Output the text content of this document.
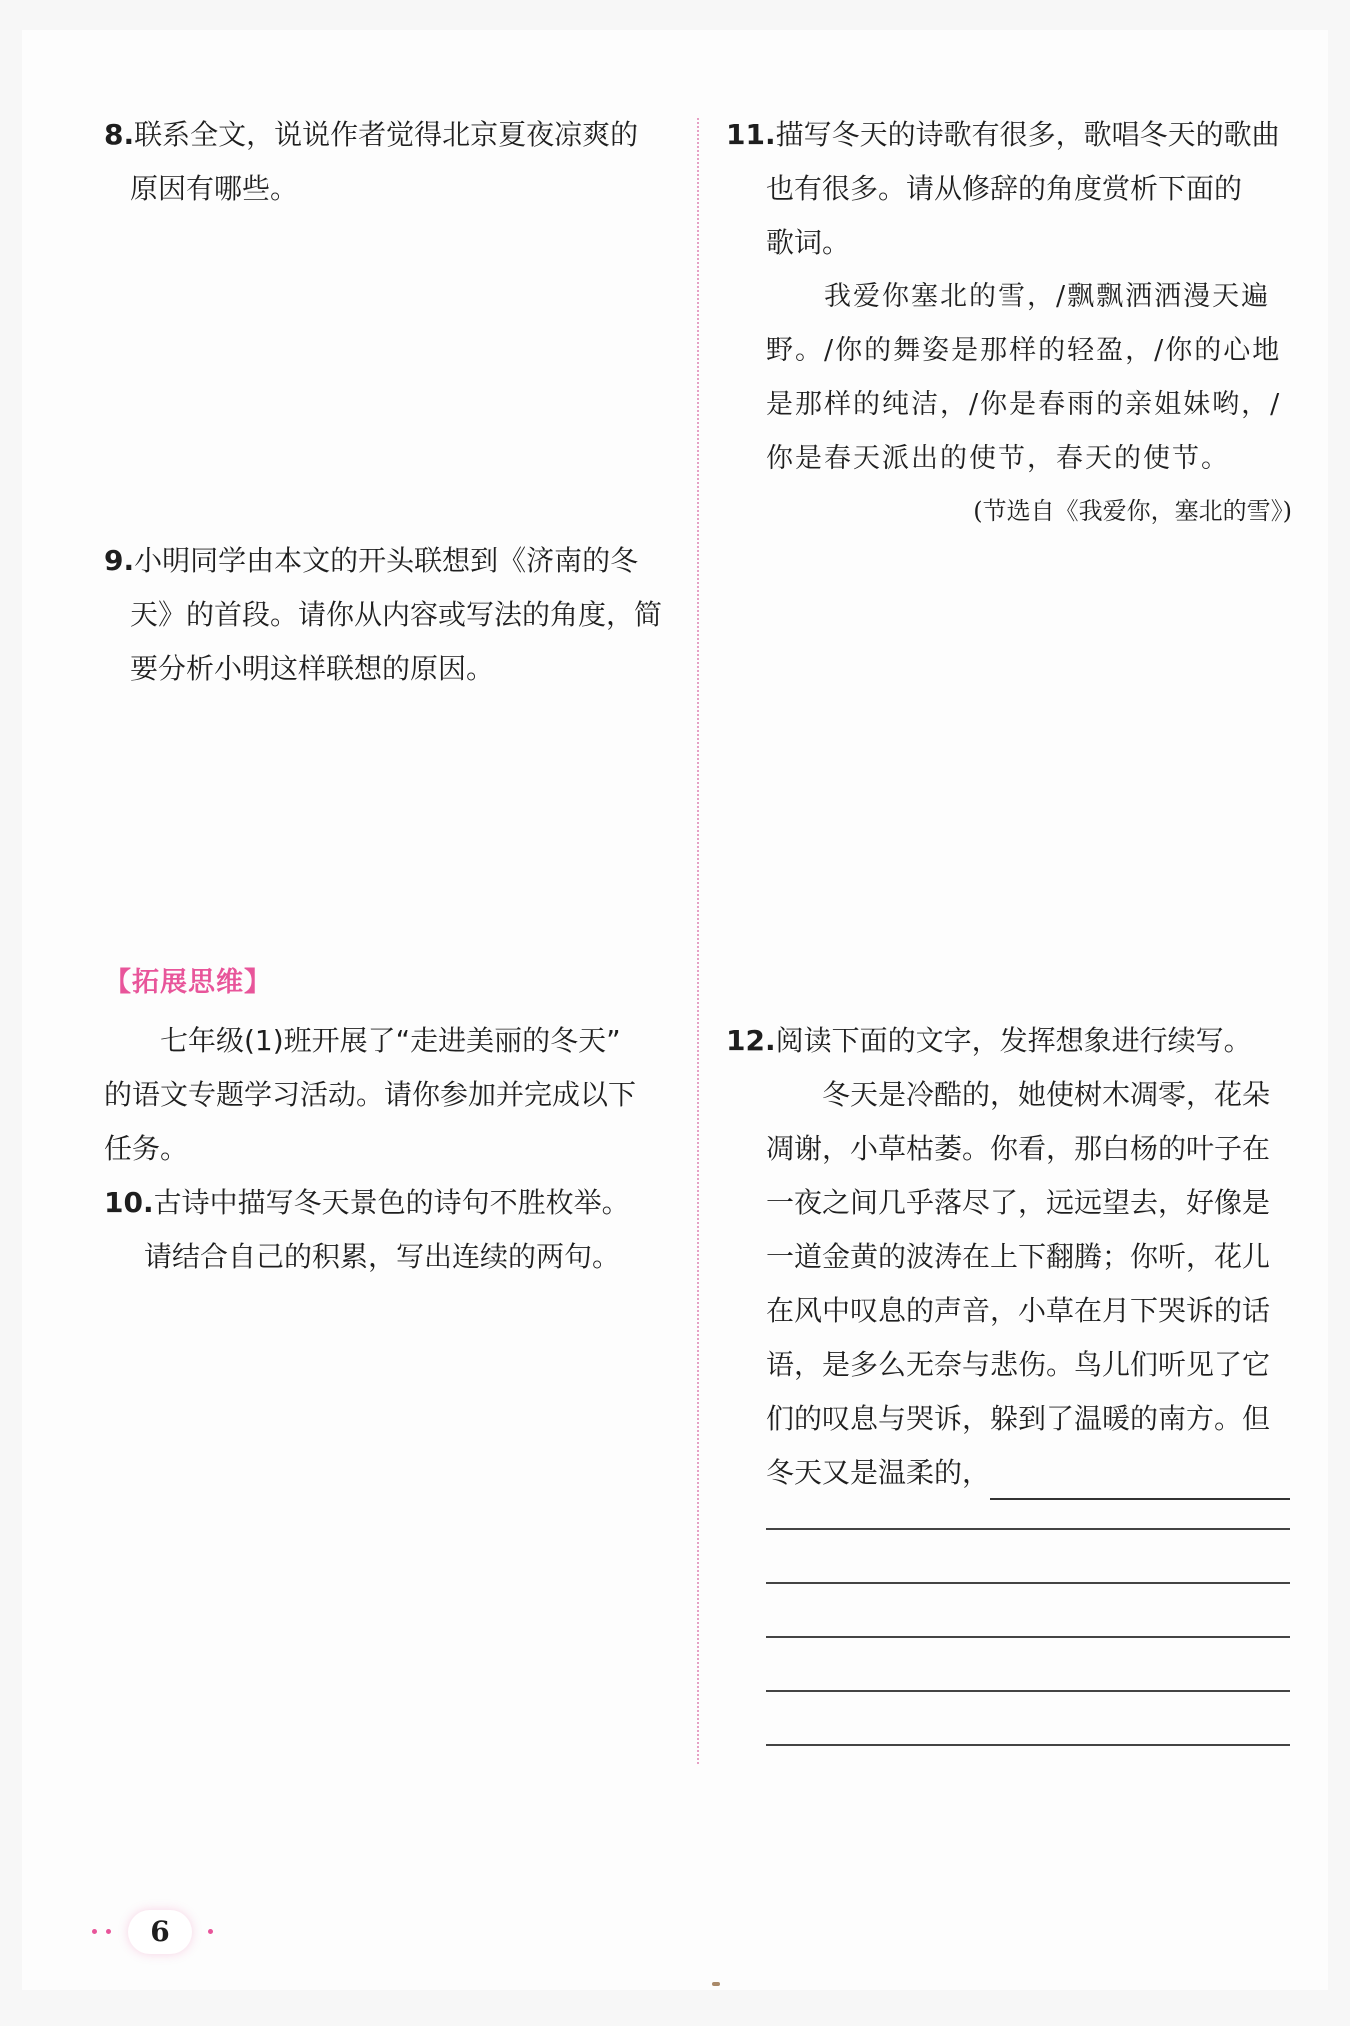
8.联系全文，说说作者觉得北京夏夜凉爽的

原因有哪些。

9.小明同学由本文的开头联想到《济南的冬

天》的首段。请你从内容或写法的角度，简

要分析小明这样联想的原因。

【拓展思维】

七年级(1)班开展了“走进美丽的冬天”

的语文专题学习活动。请你参加并完成以下

任务。

10.古诗中描写冬天景色的诗句不胜枚举。

请结合自己的积累，写出连续的两句。

11.描写冬天的诗歌有很多，歌唱冬天的歌曲

也有很多。请从修辞的角度赏析下面的

歌词。

我爱你塞北的雪，/飘飘洒洒漫天遍

野。/你的舞姿是那样的轻盈，/你的心地

是那样的纯洁，/你是春雨的亲姐妹哟，/

你是春天派出的使节，春天的使节。

(节选自《我爱你，塞北的雪》)

12.阅读下面的文字，发挥想象进行续写。

冬天是冷酷的，她使树木凋零，花朵

凋谢，小草枯萎。你看，那白杨的叶子在

一夜之间几乎落尽了，远远望去，好像是

一道金黄的波涛在上下翻腾；你听，花儿

在风中叹息的声音，小草在月下哭诉的话

语，是多么无奈与悲伤。鸟儿们听见了它

们的叹息与哭诉，躲到了温暖的南方。但

冬天又是温柔的，

6
